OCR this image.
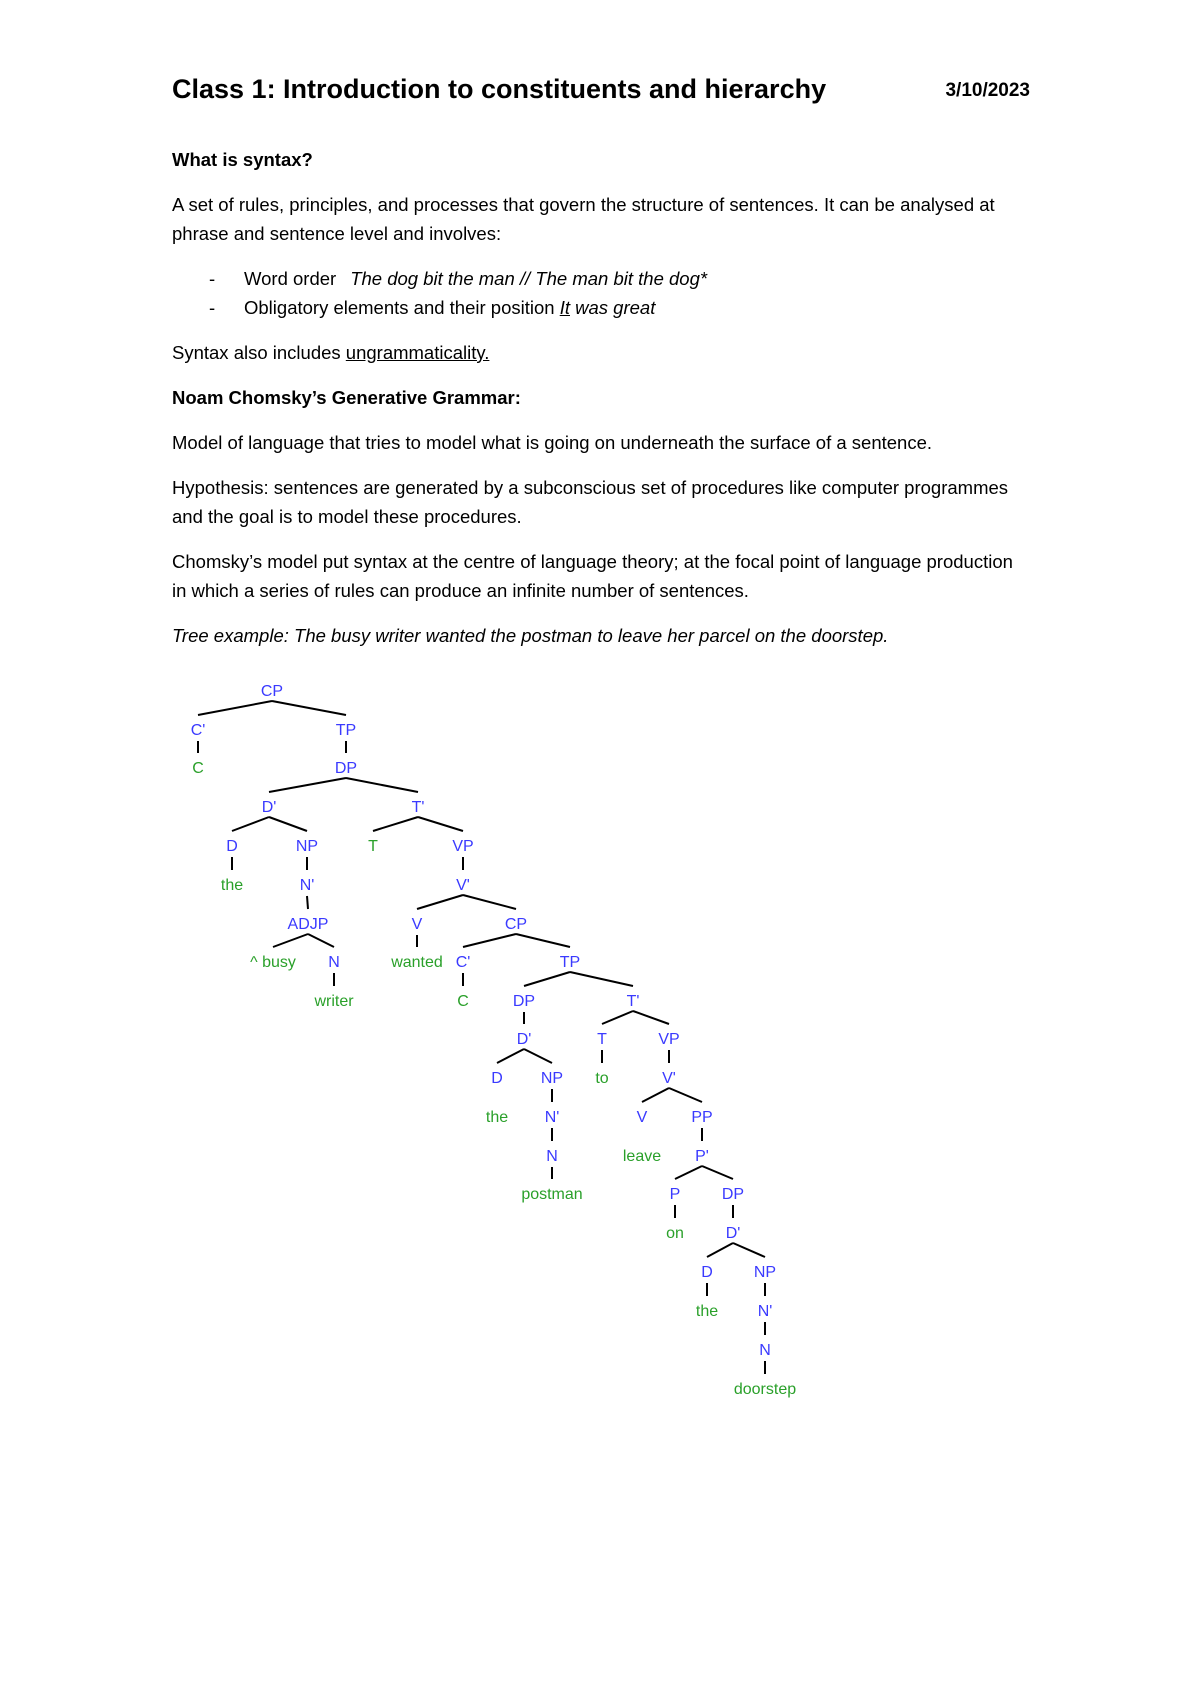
Class 1: Introduction to constituents and hierarchy	3/10/2023

What is syntax?

A set of rules, principles, and processes that govern the structure of sentences. It can be analysed at phrase and sentence level and involves:

- Word order The dog bit the man // The man bit the dog*
- Obligatory elements and their position It was great

Syntax also includes ungrammaticality.

Noam Chomsky’s Generative Grammar:

Model of language that tries to model what is going on underneath the surface of a sentence.

Hypothesis: sentences are generated by a subconscious set of procedures like computer programmes and the goal is to model these procedures.

Chomsky’s model put syntax at the centre of language theory; at the focal point of language production in which a series of rules can produce an infinite number of sentences.

Tree example: The busy writer wanted the postman to leave her parcel on the doorstep.

CP
C'
C
TP
DP
D'
D
the
NP
N'
ADJP
^ busy N
writer
T'
T	VP
V'
V
wanted
CP
C'
C
TP
DP
D'
D
the
NP
N'
N
postman
T'
T
to
VP
V'
V
leave
PP
P'
P
on
DP
D'
D
the
NP
N'
N
doorstep
